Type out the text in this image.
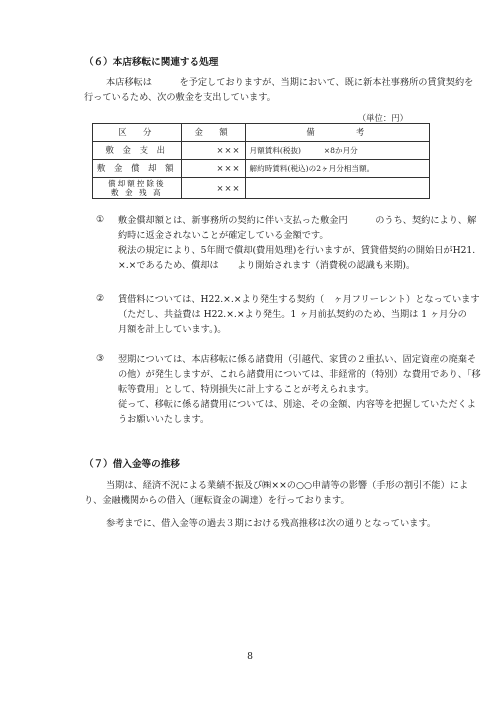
（６）本店移転に関連する処理
本店移転は　　　を予定しておりますが、当期において、既に新本社事務所の賃貸契約を
行っているため、次の敷金を支出しています。
（単位：円）
区　分	金　額	備　　　考
敷 金 支 出	×××	月額賃料(税抜)　　　×8か月分
敷 金 償 却 額	×××	解約時賃料(税込)の2ヶ月分相当額。
償却額控除後
敷 金 残 高	×××	
① 敷金償却額とは、新事務所の契約に伴い支払った敷金円　　　のうち、契約により、解
約時に返金されないことが確定している金額です。
税法の規定により、5年間で償却(費用処理)を行いますが、賃貸借契約の開始日がH21.
×.×であるため、償却は　　より開始されます（消費税の認識も来期)。
② 賃借料については、H22.×.×より発生する契約（　ヶ月フリーレント）となっています
（ただし、共益費は H22.×.×より発生。1 ヶ月前払契約のため、当期は 1 ヶ月分の
月額を計上しています。)。
③ 翌期については、本店移転に係る諸費用（引越代、家賃の２重払い、固定資産の廃棄そ
の他）が発生しますが、これら諸費用については、非経常的（特別）な費用であり、「移
転等費用」として、特別損失に計上することが考えられます。
従って、移転に係る諸費用については、別途、その金額、内容等を把握していただくよ
うお願いいたします。
（７）借入金等の推移
当期は、経済不況による業績不振及び㈱××の○○申請等の影響（手形の割引不能）によ
り、金融機関からの借入（運転資金の調達）を行っております。
参考までに、借入金等の過去３期における残高推移は次の通りとなっています。
8
